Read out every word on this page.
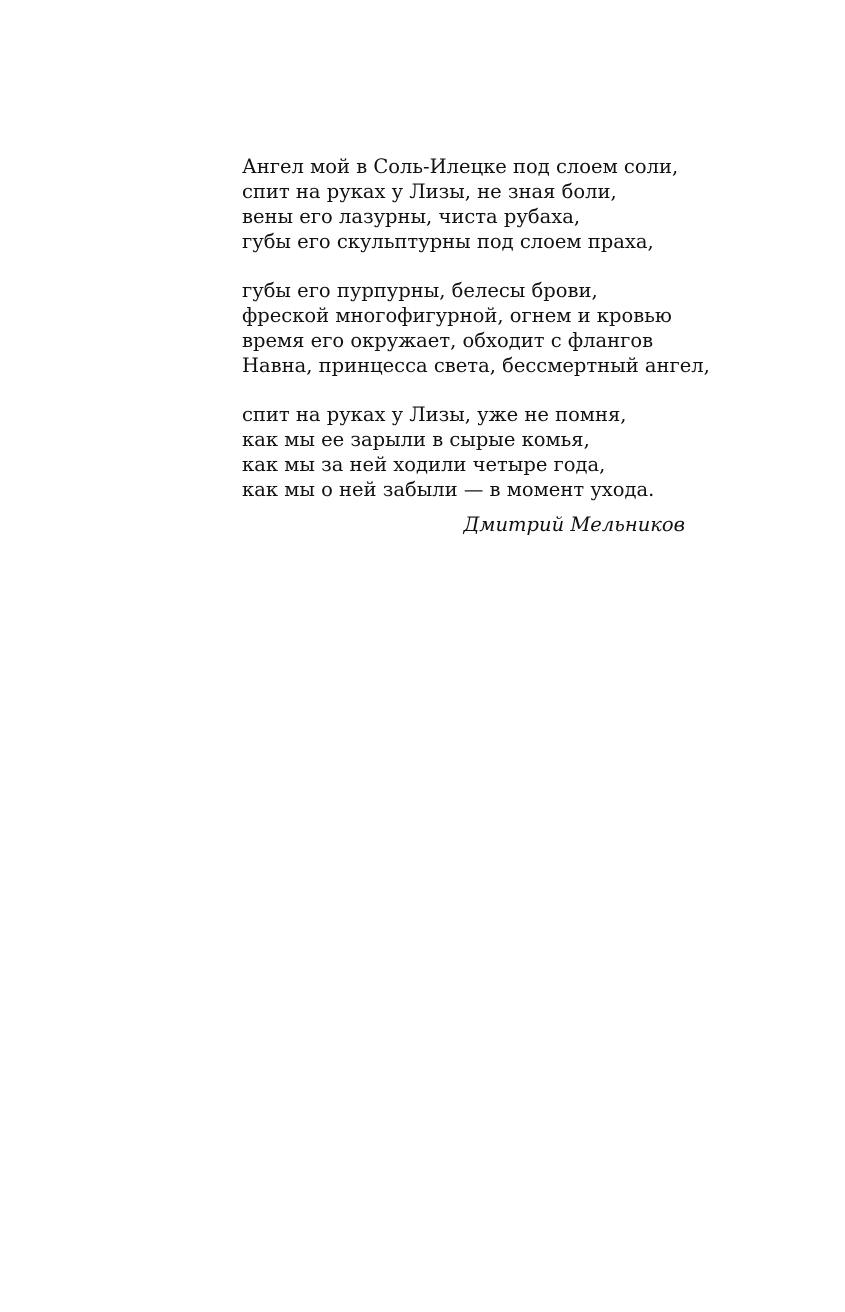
Ангел мой в Соль-Илецке под слоем соли,
спит на руках у Лизы, не зная боли,
вены его лазурны, чиста рубаха,
губы его скульптурны под слоем праха,
губы его пурпурны, белесы брови,
фреской многофигурной, огнем и кровью
время его окружает, обходит с флангов
Навна, принцесса света, бессмертный ангел,
спит на руках у Лизы, уже не помня,
как мы ее зарыли в сырые комья,
как мы за ней ходили четыре года,
как мы о ней забыли — в момент ухода.
Дмитрий Мельников
